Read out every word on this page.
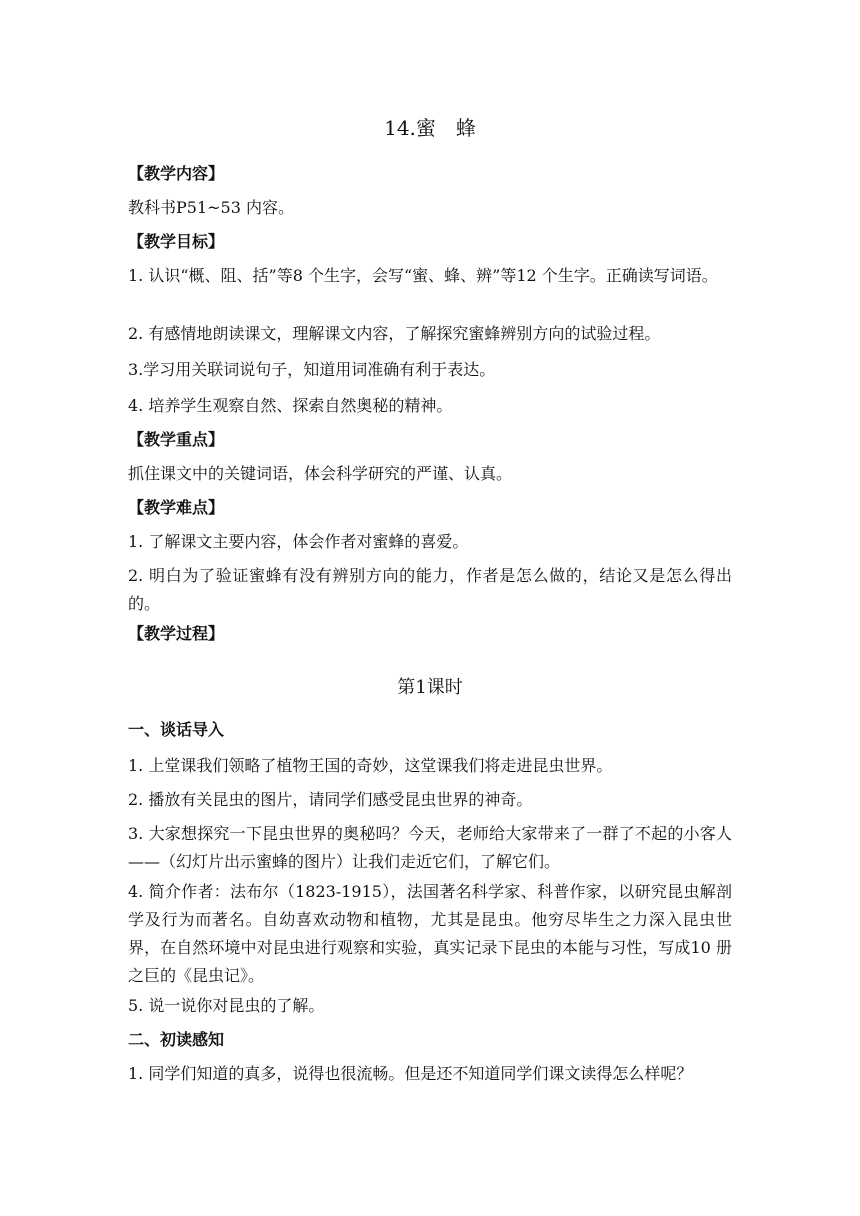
14.蜜　蜂

【教学内容】

教科书P51~53 内容。

【教学目标】

1. 认识“概、阻、括”等8 个生字，会写“蜜、蜂、辨”等12 个生字。正确读写词语。

2. 有感情地朗读课文，理解课文内容，了解探究蜜蜂辨别方向的试验过程。

3.学习用关联词说句子，知道用词准确有利于表达。

4. 培养学生观察自然、探索自然奥秘的精神。

【教学重点】

抓住课文中的关键词语，体会科学研究的严谨、认真。

【教学难点】

1. 了解课文主要内容，体会作者对蜜蜂的喜爱。

2. 明白为了验证蜜蜂有没有辨别方向的能力，作者是怎么做的，结论又是怎么得出的。

【教学过程】

第1课时

一、谈话导入

1. 上堂课我们领略了植物王国的奇妙，这堂课我们将走进昆虫世界。

2. 播放有关昆虫的图片，请同学们感受昆虫世界的神奇。

3. 大家想探究一下昆虫世界的奥秘吗？今天，老师给大家带来了一群了不起的小客人——（幻灯片出示蜜蜂的图片）让我们走近它们，了解它们。

4. 简介作者：法布尔（1823-1915），法国著名科学家、科普作家，以研究昆虫解剖学及行为而著名。自幼喜欢动物和植物，尤其是昆虫。他穷尽毕生之力深入昆虫世界，在自然环境中对昆虫进行观察和实验，真实记录下昆虫的本能与习性，写成10 册之巨的《昆虫记》。

5. 说一说你对昆虫的了解。

二、初读感知

1. 同学们知道的真多，说得也很流畅。但是还不知道同学们课文读得怎么样呢？
